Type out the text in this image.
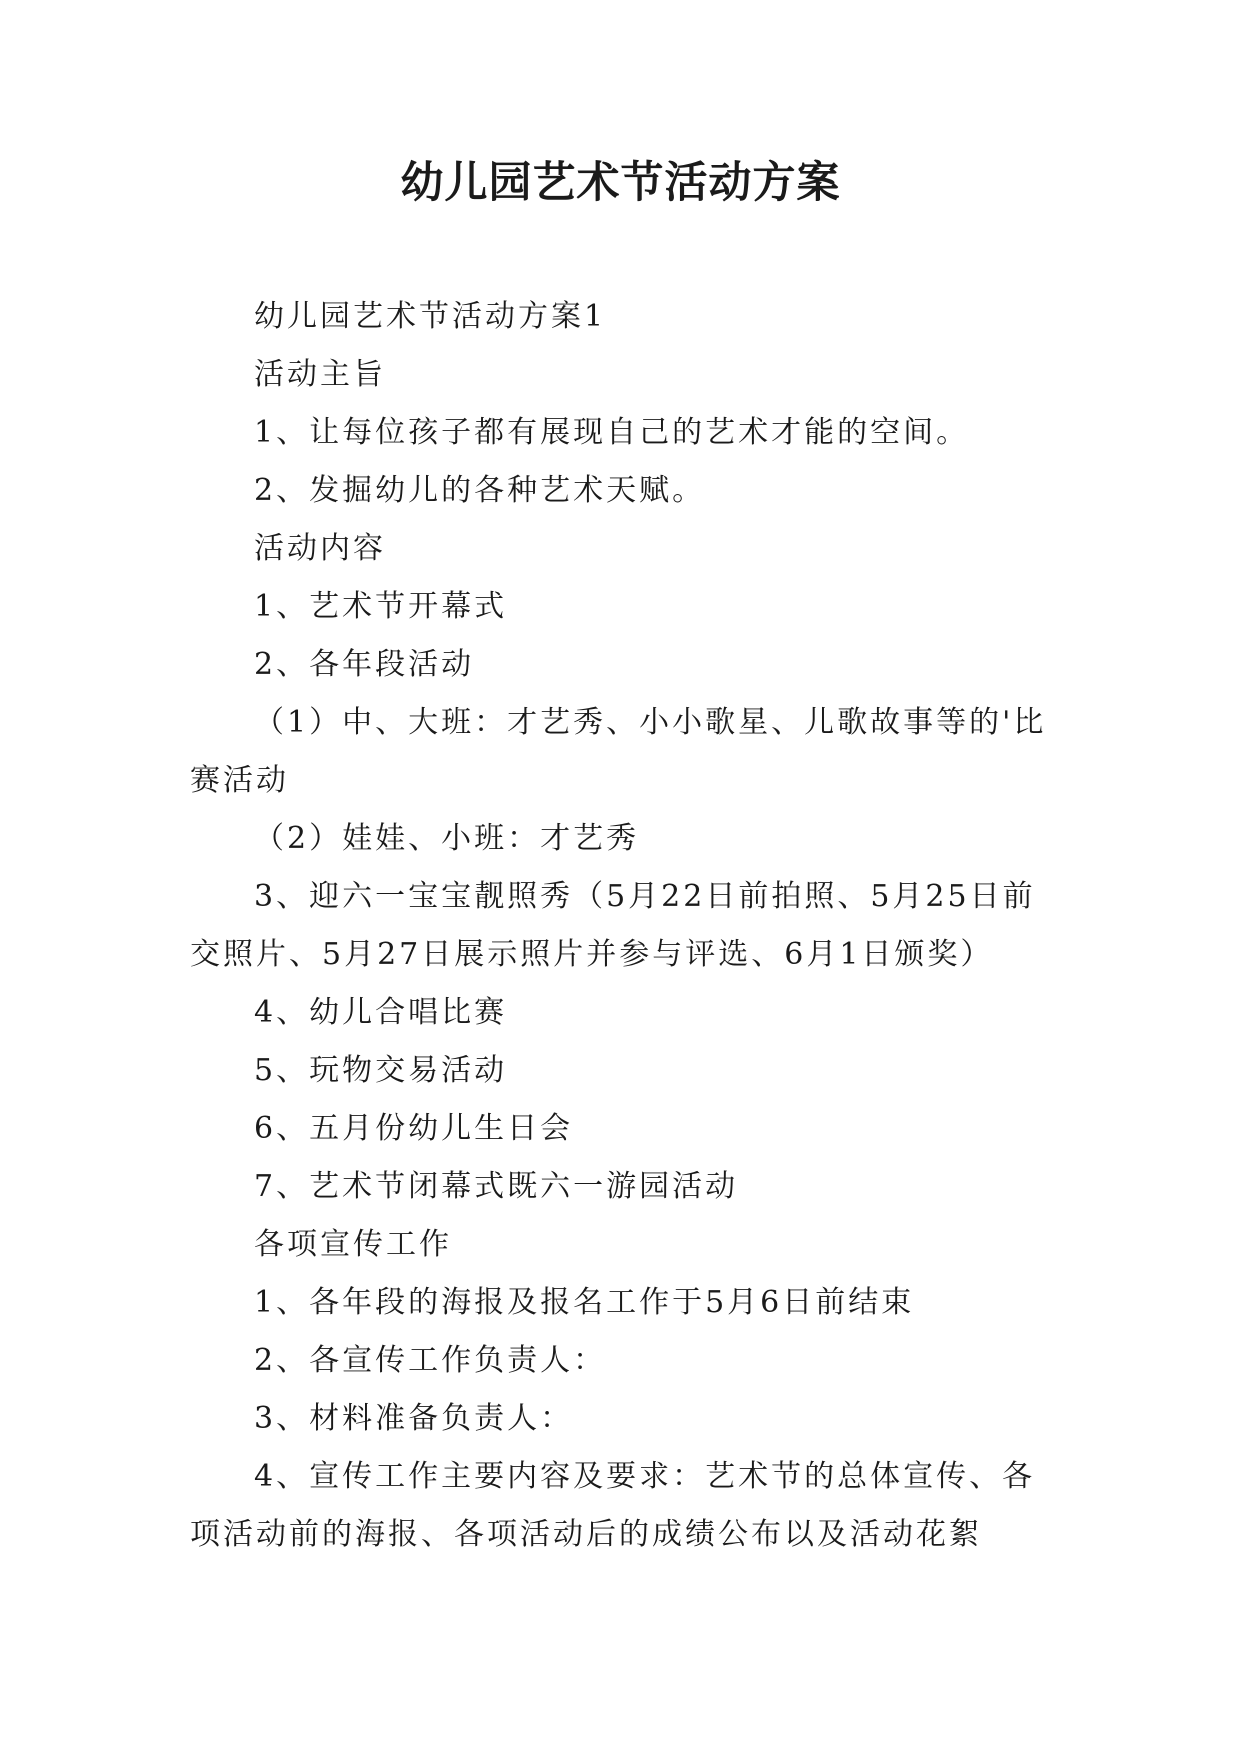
幼儿园艺术节活动方案

幼儿园艺术节活动方案1

活动主旨

1、让每位孩子都有展现自己的艺术才能的空间。

2、发掘幼儿的各种艺术天赋。

活动内容

1、艺术节开幕式

2、各年段活动

（1）中、大班：才艺秀、小小歌星、儿歌故事等的'比赛活动

（2）娃娃、小班：才艺秀

3、迎六一宝宝靓照秀（5月22日前拍照、5月25日前交照片、5月27日展示照片并参与评选、6月1日颁奖）

4、幼儿合唱比赛

5、玩物交易活动

6、五月份幼儿生日会

7、艺术节闭幕式既六一游园活动

各项宣传工作

1、各年段的海报及报名工作于5月6日前结束

2、各宣传工作负责人：

3、材料准备负责人：

4、宣传工作主要内容及要求：艺术节的总体宣传、各项活动前的海报、各项活动后的成绩公布以及活动花絮
